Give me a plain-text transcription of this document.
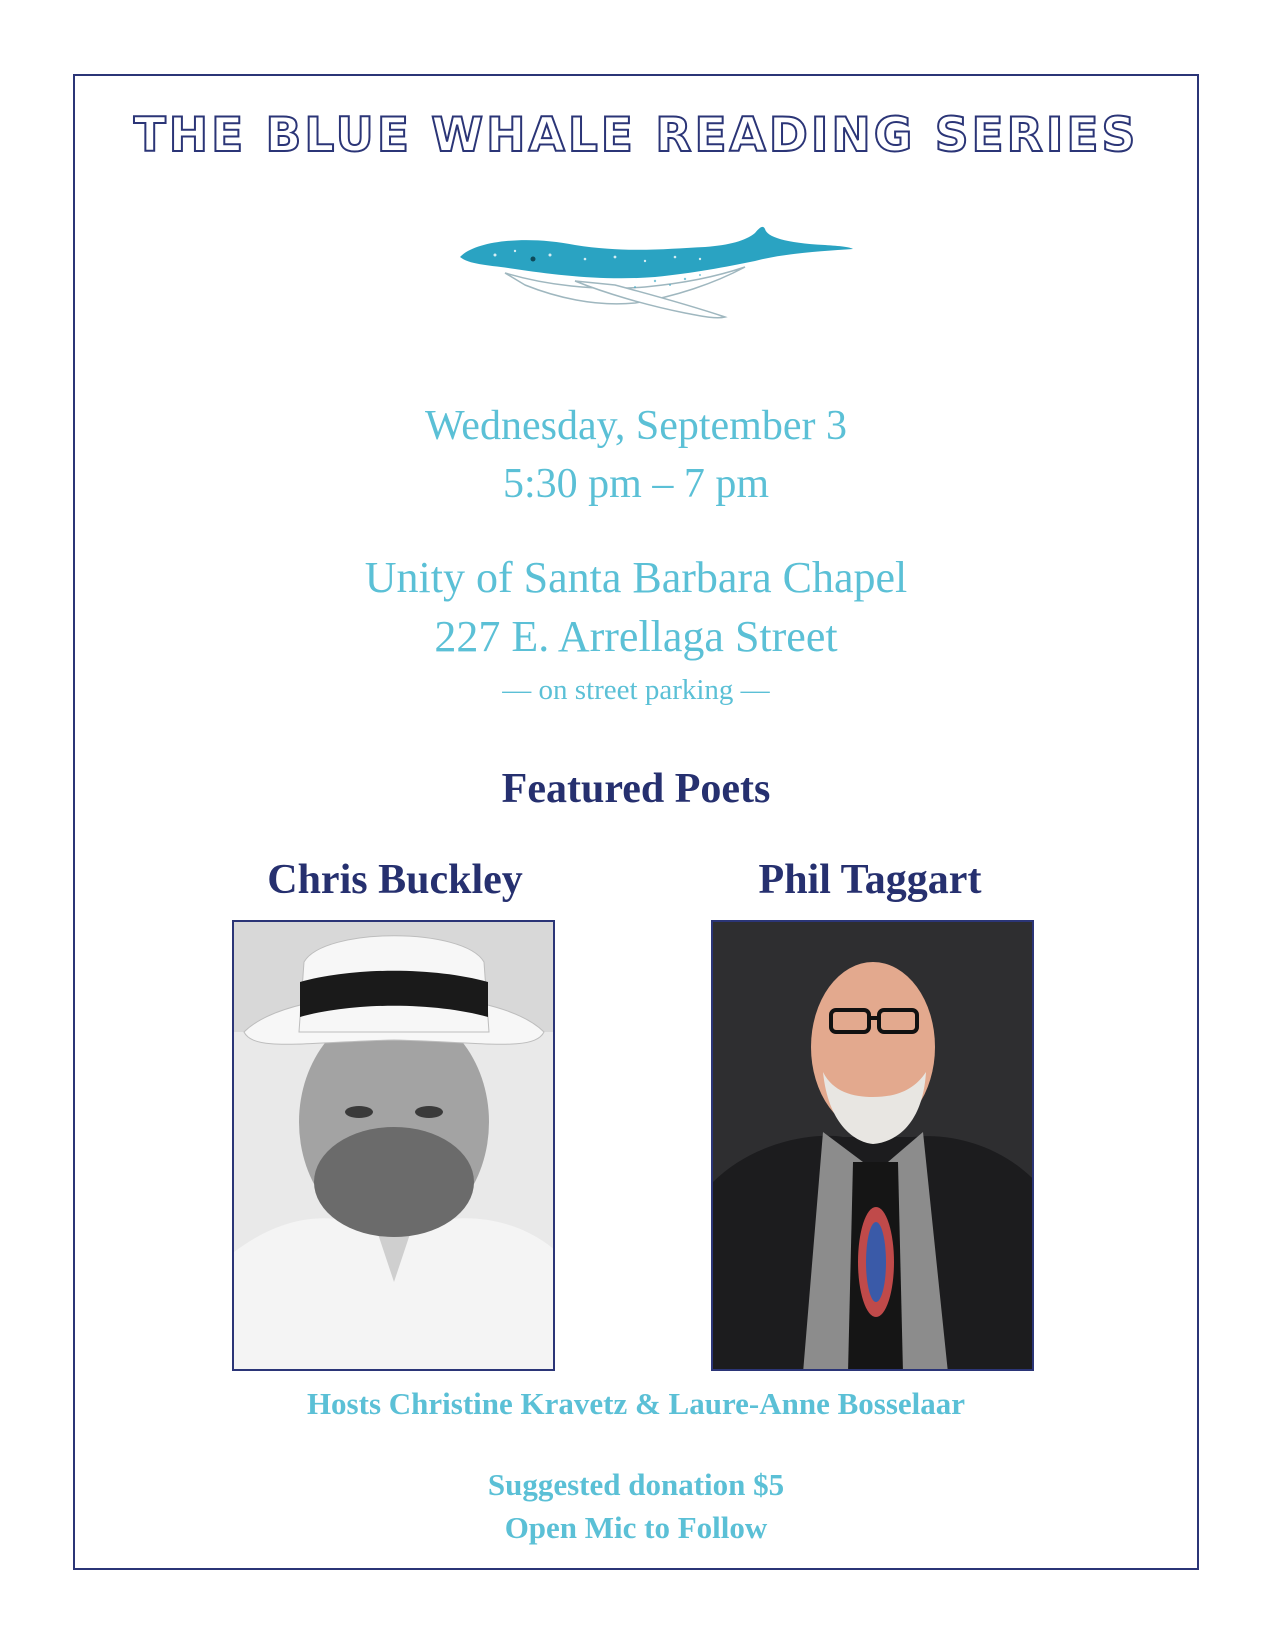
THE BLUE WHALE READING SERIES

Wednesday, September 3

5:30 pm – 7 pm

Unity of Santa Barbara Chapel

227 E. Arrellaga Street

— on street parking —

Featured Poets

Chris Buckley	Phil Taggart

Hosts Christine Kravetz & Laure-Anne Bosselaar

Suggested donation $5

Open Mic to Follow
